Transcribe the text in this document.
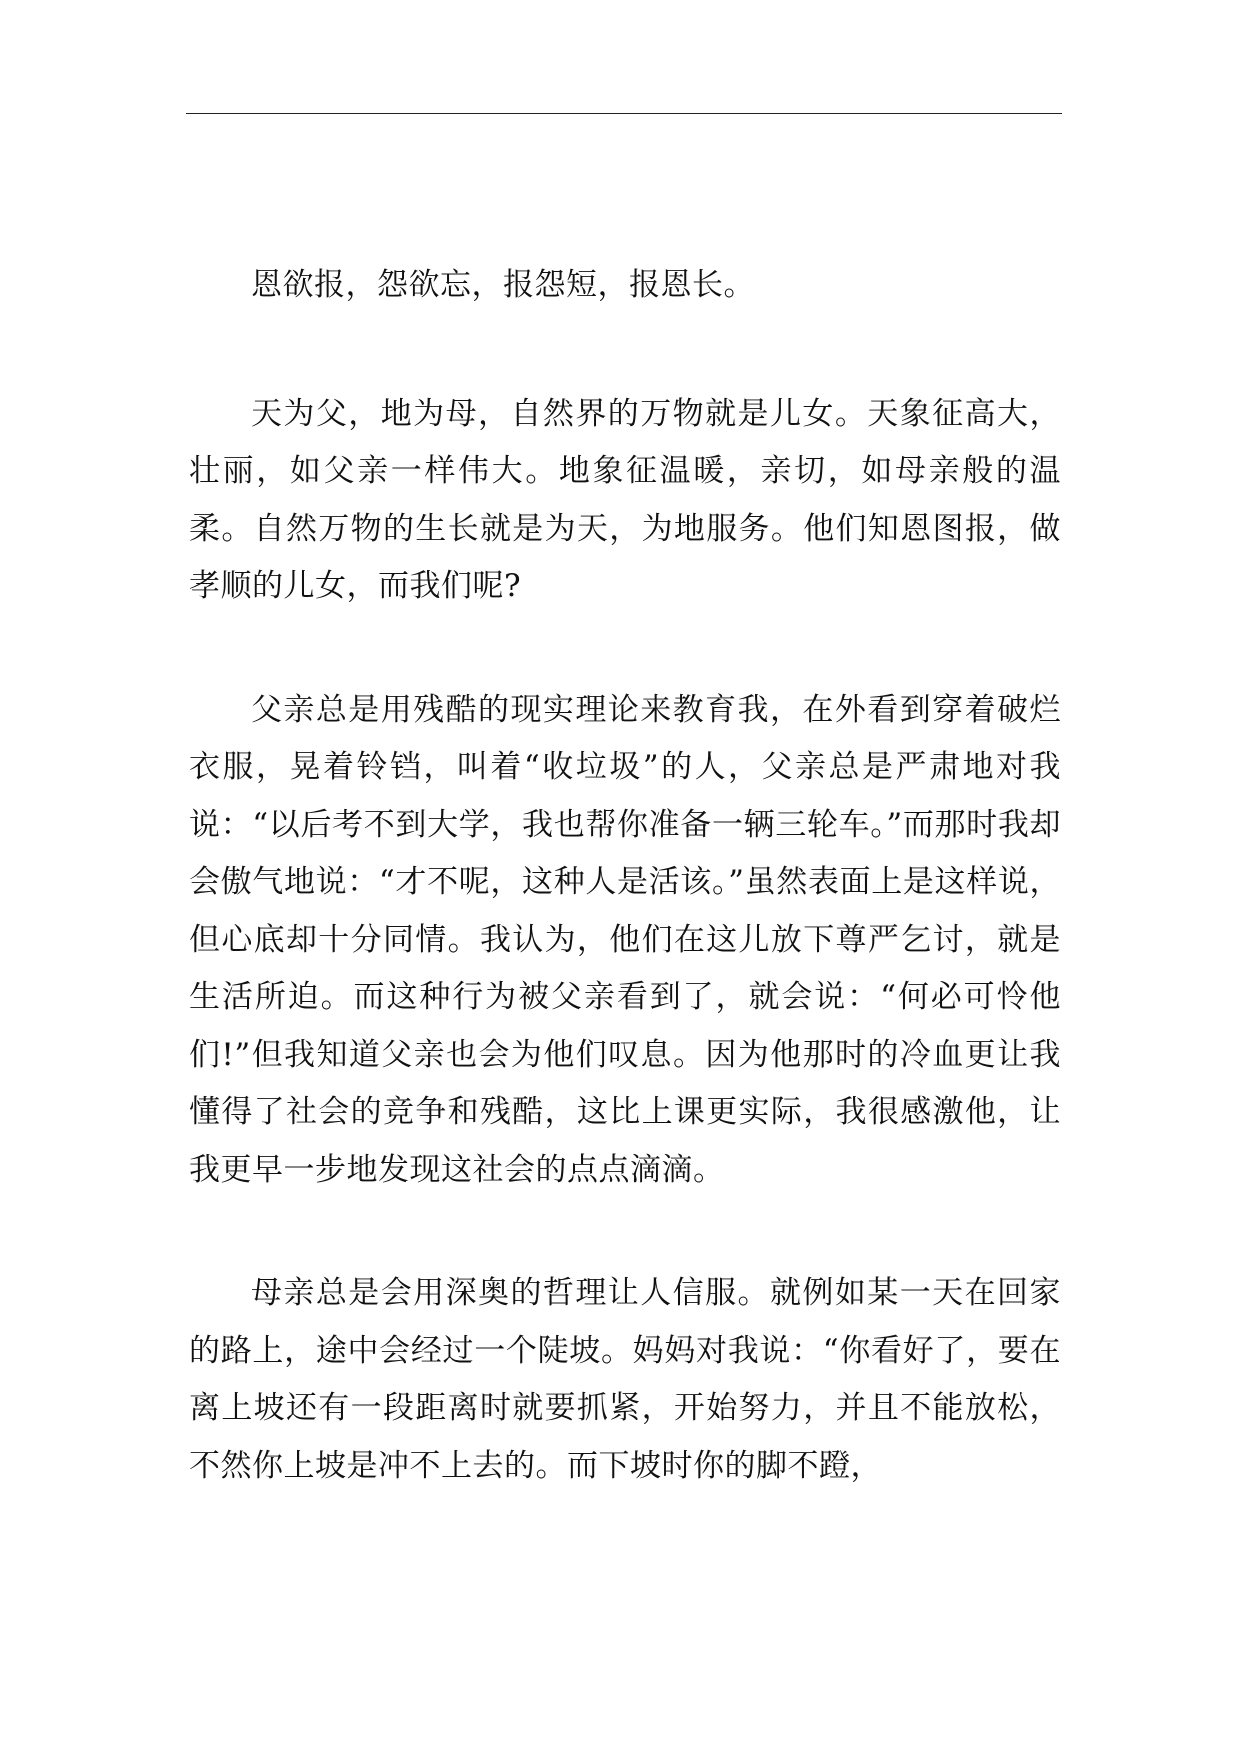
恩欲报，怨欲忘，报怨短，报恩长。

天为父，地为母，自然界的万物就是儿女。天象征高大，壮丽，如父亲一样伟大。地象征温暖，亲切，如母亲般的温柔。自然万物的生长就是为天，为地服务。他们知恩图报，做孝顺的儿女，而我们呢?

父亲总是用残酷的现实理论来教育我，在外看到穿着破烂衣服，晃着铃铛，叫着“收垃圾”的人，父亲总是严肃地对我说：“以后考不到大学，我也帮你准备一辆三轮车。”而那时我却会傲气地说：“才不呢，这种人是活该。”虽然表面上是这样说，但心底却十分同情。我认为，他们在这儿放下尊严乞讨，就是生活所迫。而这种行为被父亲看到了，就会说：“何必可怜他们!”但我知道父亲也会为他们叹息。因为他那时的冷血更让我懂得了社会的竞争和残酷，这比上课更实际，我很感激他，让我更早一步地发现这社会的点点滴滴。

母亲总是会用深奥的哲理让人信服。就例如某一天在回家的路上，途中会经过一个陡坡。妈妈对我说：“你看好了，要在离上坡还有一段距离时就要抓紧，开始努力，并且不能放松，不然你上坡是冲不上去的。而下坡时你的脚不蹬，
